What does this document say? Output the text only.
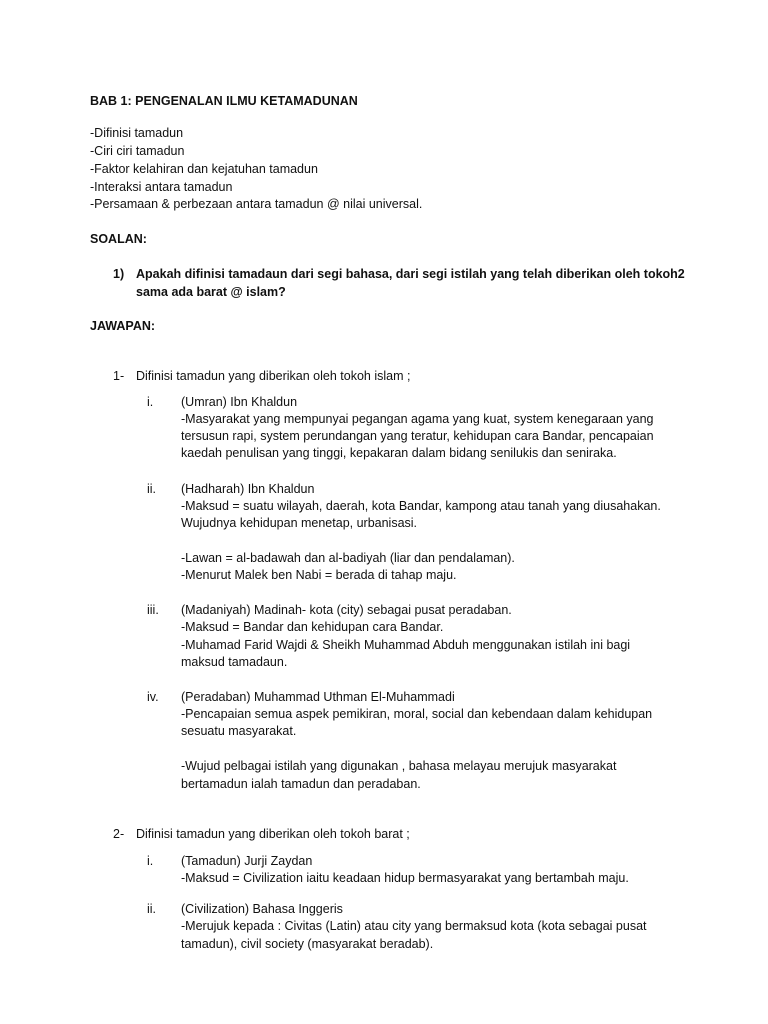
BAB 1: PENGENALAN ILMU KETAMADUNAN
-Difinisi tamadun
-Ciri ciri tamadun
-Faktor kelahiran dan kejatuhan tamadun
-Interaksi antara tamadun
-Persamaan & perbezaan antara tamadun @ nilai universal.
SOALAN:
1) Apakah difinisi tamadaun dari segi bahasa, dari segi istilah yang telah diberikan oleh tokoh2
sama ada barat @ islam?
JAWAPAN:
1- Difinisi tamadun yang diberikan oleh tokoh islam ;
i. (Umran) Ibn Khaldun
-Masyarakat yang mempunyai pegangan agama yang kuat, system kenegaraan yang
tersusun rapi, system perundangan yang teratur, kehidupan cara Bandar, pencapaian
kaedah penulisan yang tinggi, kepakaran dalam bidang senilukis dan seniraka.
ii. (Hadharah) Ibn Khaldun
-Maksud = suatu wilayah, daerah, kota Bandar, kampong atau tanah yang diusahakan.
Wujudnya kehidupan menetap, urbanisasi.
-Lawan = al-badawah dan al-badiyah (liar dan pendalaman).
-Menurut Malek ben Nabi = berada di tahap maju.
iii. (Madaniyah) Madinah- kota (city) sebagai pusat peradaban.
-Maksud = Bandar dan kehidupan cara Bandar.
-Muhamad Farid Wajdi & Sheikh Muhammad Abduh menggunakan istilah ini bagi
maksud tamadaun.
iv. (Peradaban) Muhammad Uthman El-Muhammadi
-Pencapaian semua aspek pemikiran, moral, social dan kebendaan dalam kehidupan
sesuatu masyarakat.
-Wujud pelbagai istilah yang digunakan , bahasa melayau merujuk masyarakat
bertamadun ialah tamadun dan peradaban.
2- Difinisi tamadun yang diberikan oleh tokoh barat ;
i. (Tamadun) Jurji Zaydan
-Maksud = Civilization iaitu keadaan hidup bermasyarakat yang bertambah maju.
ii. (Civilization) Bahasa Inggeris
-Merujuk kepada : Civitas (Latin) atau city yang bermaksud kota (kota sebagai pusat
tamadun), civil society (masyarakat beradab).
